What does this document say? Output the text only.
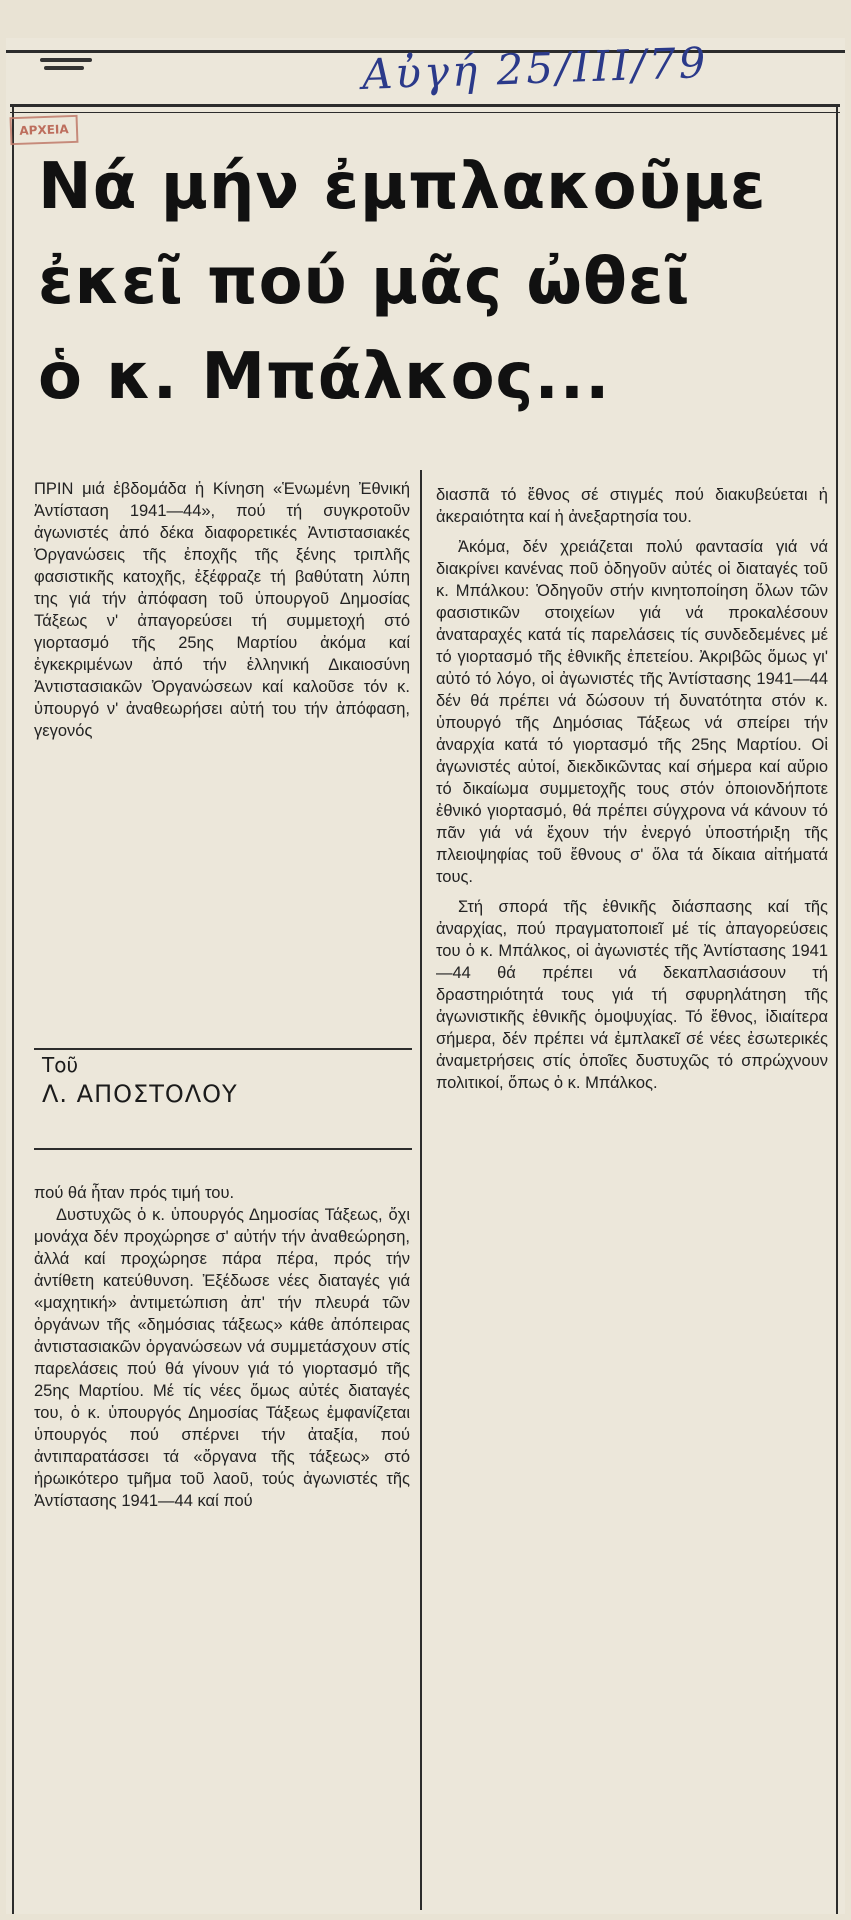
ΑΡΧΕΙΑ
Αὐγή 25/ΙΙΙ/79
Νά μήν ἐμπλακοῦμε
ἐκεῖ πού μᾶς ὠθεῖ
ὁ κ. Μπάλκος...

ΠΡΙΝ μιά ἑβδομάδα ἡ Κίνηση «Ἑνωμένη Ἐθνική Ἀντίσταση 1941—44», πού τή συγκροτοῦν ἀγωνιστές ἀπό δέκα διαφορετικές Ἀντιστασιακές Ὀργανώσεις τῆς ἐποχῆς τῆς ξένης τριπλῆς φασιστικῆς κατοχῆς, ἐξέφραζε τή βαθύτατη λύπη της γιά τήν ἀπόφαση τοῦ ὑπουργοῦ Δημοσίας Τάξεως ν' ἀπαγορεύσει τή συμμετοχή στό γιορτασμό τῆς 25ης Μαρτίου ἀκόμα καί ἐγκεκριμένων ἀπό τήν ἑλληνική Δικαιοσύνη Ἀντιστασιακῶν Ὀργανώσεων καί καλοῦσε τόν κ. ὑπουργό ν' ἀναθεωρήσει αὐτή του τήν ἀπόφαση, γεγονός

Τοῦ
Λ. ΑΠΟΣΤΟΛΟΥ

πού θά ἦταν πρός τιμή του.

Δυστυχῶς ὁ κ. ὑπουργός Δημοσίας Τάξεως, ὄχι μονάχα δέν προχώρησε σ' αὐτήν τήν ἀναθεώρηση, ἀλλά καί προχώρησε πάρα πέρα, πρός τήν ἀντίθετη κατεύθυνση. Ἐξέδωσε νέες διαταγές γιά «μαχητική» ἀντιμετώπιση ἀπ' τήν πλευρά τῶν ὀργάνων τῆς «δημόσιας τάξεως» κάθε ἀπόπειρας ἀντιστασιακῶν ὀργανώσεων νά συμμετάσχουν στίς παρελάσεις πού θά γίνουν γιά τό γιορτασμό τῆς 25ης Μαρτίου. Μέ τίς νέες ὅμως αὐτές διαταγές του, ὁ κ. ὑπουργός Δημοσίας Τάξεως ἐμφανίζεται ὑπουργός πού σπέρνει τήν ἀταξία, πού ἀντιπαρατάσσει τά «ὄργανα τῆς τάξεως» στό ἡρωικότερο τμῆμα τοῦ λαοῦ, τούς ἀγωνιστές τῆς Ἀντίστασης 1941—44 καί πού

διασπᾶ τό ἔθνος σέ στιγμές πού διακυβεύεται ἡ ἀκεραιότητα καί ἡ ἀνεξαρτησία του.

Ἀκόμα, δέν χρειάζεται πολύ φαντασία γιά νά διακρίνει κανένας ποῦ ὁδηγοῦν αὐτές οἱ διαταγές τοῦ κ. Μπάλκου: Ὁδηγοῦν στήν κινητοποίηση ὅλων τῶν φασιστικῶν στοιχείων γιά νά προκαλέσουν ἀναταραχές κατά τίς παρελάσεις τίς συνδεδεμένες μέ τό γιορτασμό τῆς ἐθνικῆς ἐπετείου. Ἀκριβῶς ὅμως γι' αὐτό τό λόγο, οἱ ἀγωνιστές τῆς Ἀντίστασης 1941—44 δέν θά πρέπει νά δώσουν τή δυνατότητα στόν κ. ὑπουργό τῆς Δημόσιας Τάξεως νά σπείρει τήν ἀναρχία κατά τό γιορτασμό τῆς 25ης Μαρτίου. Οἱ ἀγωνιστές αὐτοί, διεκδικῶντας καί σήμερα καί αὔριο τό δικαίωμα συμμετοχῆς τους στόν ὁποιονδήποτε ἐθνικό γιορτασμό, θά πρέπει σύγχρονα νά κάνουν τό πᾶν γιά νά ἔχουν τήν ἐνεργό ὑποστήριξη τῆς πλειοψηφίας τοῦ ἔθνους σ' ὅλα τά δίκαια αἰτήματά τους.

Στή σπορά τῆς ἐθνικῆς διάσπασης καί τῆς ἀναρχίας, πού πραγματοποιεῖ μέ τίς ἀπαγορεύσεις του ὁ κ. Μπάλκος, οἱ ἀγωνιστές τῆς Ἀντίστασης 1941—44 θά πρέπει νά δεκαπλασιάσουν τή δραστηριότητά τους γιά τή σφυρηλάτηση τῆς ἀγωνιστικῆς ἐθνικῆς ὁμοψυχίας. Τό ἔθνος, ἰδιαίτερα σήμερα, δέν πρέπει νά ἐμπλακεῖ σέ νέες ἐσωτερικές ἀναμετρήσεις στίς ὁποῖες δυστυχῶς τό σπρώχνουν πολιτικοί, ὅπως ὁ κ. Μπάλκος.
